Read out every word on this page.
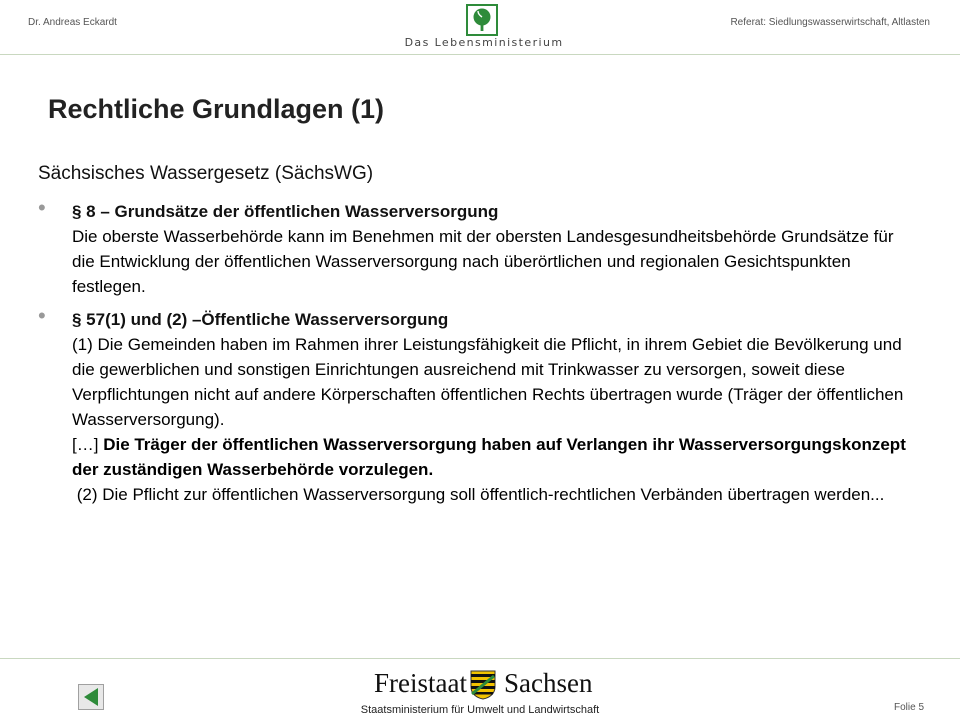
Dr. Andreas Eckardt	Referat: Siedlungswasserwirtschaft, Altlasten
Das Lebensministerium
Rechtliche Grundlagen (1)
Sächsisches Wassergesetz (SächsWG)
• § 8 – Grundsätze der öffentlichen Wasserversorgung
Die oberste Wasserbehörde kann im Benehmen mit der obersten Landesgesundheitsbehörde Grundsätze für die Entwicklung der öffentlichen Wasserversorgung nach überörtlichen und regionalen Gesichtspunkten festlegen.
• § 57(1) und (2) –Öffentliche Wasserversorgung
(1) Die Gemeinden haben im Rahmen ihrer Leistungsfähigkeit die Pflicht, in ihrem Gebiet die Bevölkerung und die gewerblichen und sonstigen Einrichtungen ausreichend mit Trinkwasser zu versorgen, soweit diese Verpflichtungen nicht auf andere Körperschaften öffentlichen Rechts übertragen wurde (Träger der öffentlichen Wasserversorgung).
[…] Die Träger der öffentlichen Wasserversorgung haben auf Verlangen ihr Wasserversorgungskonzept der zuständigen Wasserbehörde vorzulegen.
(2) Die Pflicht zur öffentlichen Wasserversorgung soll öffentlich-rechtlichen Verbänden übertragen werden...
Freistaat Sachsen
Staatsministerium für Umwelt und Landwirtschaft	Folie 5
